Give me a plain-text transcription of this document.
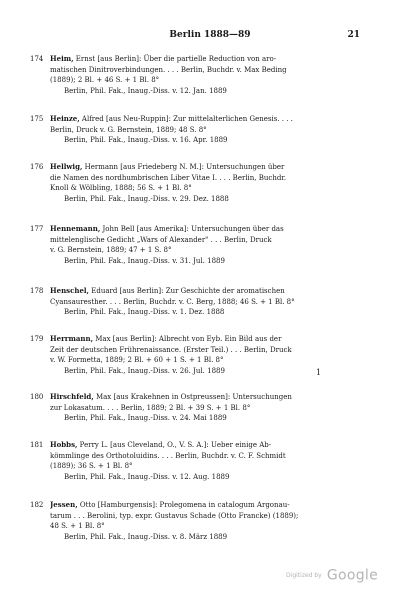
Berlin 1888—89	21
174 Heim, Ernst [aus Berlin]: Über die partielle Reduction von aro-
matischen Dinitroverbindungen. . . . Berlin, Buchdr. v. Max Beding
(1889); 2 Bl. + 46 S. + 1 Bl. 8°
Berlin, Phil. Fak., Inaug.-Diss. v. 12. Jan. 1889
175 Heinze, Alfred [aus Neu-Ruppin]: Zur mittelalterlichen Genesis. . . .
Berlin, Druck v. G. Bernstein, 1889; 48 S. 8°
Berlin, Phil. Fak., Inaug.-Diss. v. 16. Apr. 1889
176 Hellwig, Hermann [aus Friedeberg N. M.]: Untersuchungen über
die Namen des nordhumbrischen Liber Vitae I. . . . Berlin, Buchdr.
Knoll & Wölbling, 1888; 56 S. + 1 Bl. 8°
Berlin, Phil. Fak., Inaug.-Diss. v. 29. Dez. 1888
177 Hennemann, John Bell [aus Amerika]: Untersuchungen über das
mittelenglische Gedicht „Wars of Alexander" . . . Berlin, Druck
v. G. Bernstein, 1889; 47 + 1 S. 8°
Berlin, Phil. Fak., Inaug.-Diss. v. 31. Jul. 1889
178 Henschel, Eduard [aus Berlin]: Zur Geschichte der aromatischen
Cyansauresther. . . . Berlin, Buchdr. v. C. Berg, 1888; 46 S. + 1 Bl. 8°
Berlin, Phil. Fak., Inaug.-Diss. v. 1. Dez. 1888
179 Herrmann, Max [aus Berlin]: Albrecht von Eyb. Ein Bild aus der
Zeit der deutschen Frührenaissance. (Erster Teil.) . . . Berlin, Druck
v. W. Formetta, 1889; 2 Bl. + 60 + 1 S. + 1 Bl. 8°
Berlin, Phil. Fak., Inaug.-Diss. v. 26. Jul. 1889	1
180 Hirschfeld, Max [aus Krakehnen in Ostpreussen]: Untersuchungen
zur Lokasatum. . . . Berlin, 1889; 2 Bl. + 39 S. + 1 Bl. 8°
Berlin, Phil. Fak., Inaug.-Diss. v. 24. Mai 1889
181 Hobbs, Perry L. [aus Cleveland, O., V. S. A.]: Ueber einige Ab-
kömmlinge des Orthotoluidins. . . . Berlin, Buchdr. v. C. F. Schmidt
(1889); 36 S. + 1 Bl. 8°
Berlin, Phil. Fak., Inaug.-Diss. v. 12. Aug. 1889
182 Jessen, Otto [Hamburgensis]: Prolegomena in catalogum Argonau-
tarum . . . Berolini, typ. expr. Gustavus Schade (Otto Francke) (1889);
48 S. + 1 Bl. 8°
Berlin, Phil. Fak., Inaug.-Diss. v. 8. März 1889
Digitized by Google
